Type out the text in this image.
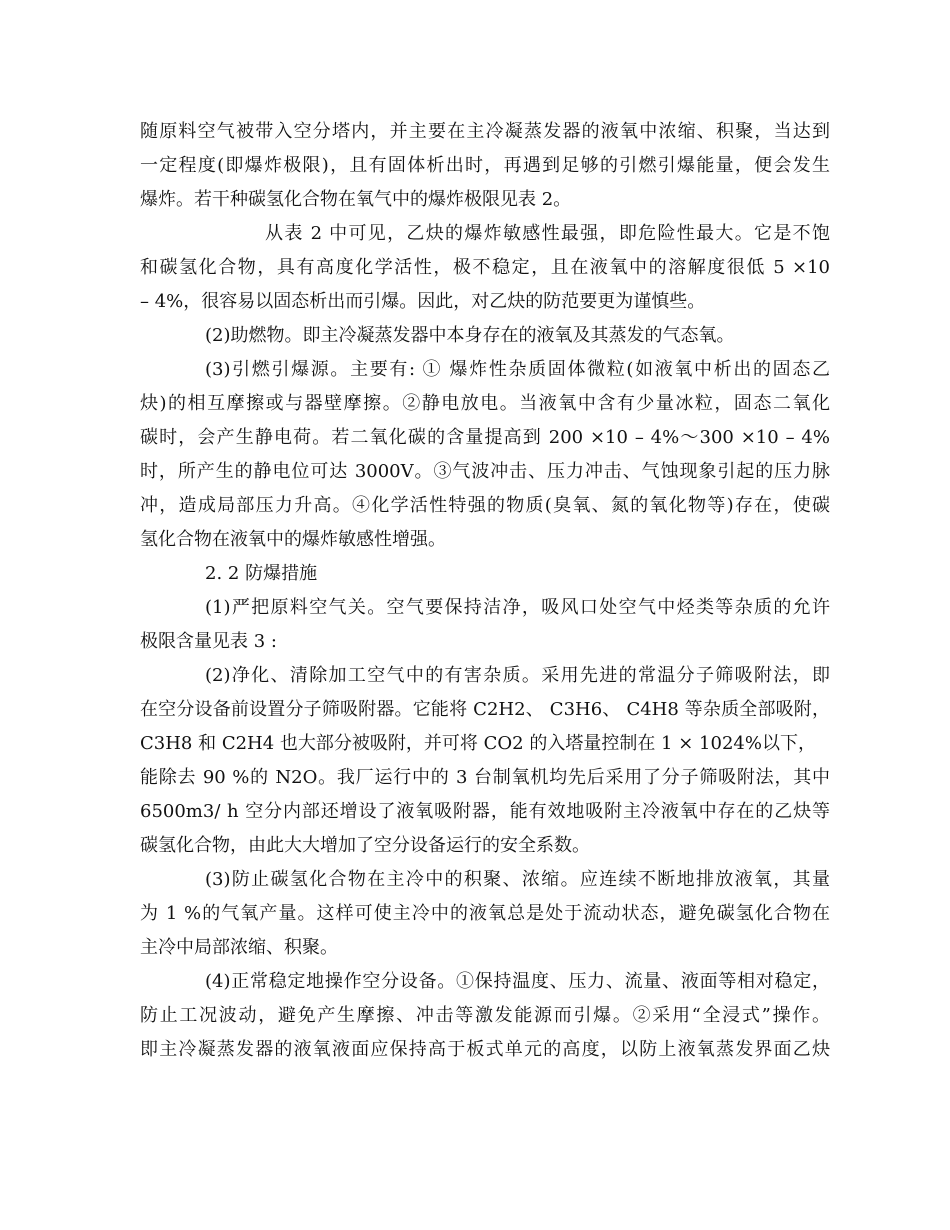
随原料空气被带入空分塔内，并主要在主冷凝蒸发器的液氧中浓缩、积聚，当达到
一定程度(即爆炸极限)，且有固体析出时，再遇到足够的引燃引爆能量，便会发生
爆炸。若干种碳氢化合物在氧气中的爆炸极限见表 2。
从表 2 中可见，乙炔的爆炸敏感性最强，即危险性最大。它是不饱
和碳氢化合物，具有高度化学活性，极不稳定，且在液氧中的溶解度很低 5 ×10
– 4%，很容易以固态析出而引爆。因此，对乙炔的防范要更为谨慎些。
(2)助燃物。即主冷凝蒸发器中本身存在的液氧及其蒸发的气态氧。
(3)引燃引爆源。主要有: ① 爆炸性杂质固体微粒(如液氧中析出的固态乙
炔)的相互摩擦或与器壁摩擦。②静电放电。当液氧中含有少量冰粒，固态二氧化
碳时，会产生静电荷。若二氧化碳的含量提高到 200 ×10 – 4%～300 ×10 – 4%
时，所产生的静电位可达 3000V。③气波冲击、压力冲击、气蚀现象引起的压力脉
冲，造成局部压力升高。④化学活性特强的物质(臭氧、氮的氧化物等)存在，使碳
氢化合物在液氧中的爆炸敏感性增强。
2. 2 防爆措施
(1)严把原料空气关。空气要保持洁净，吸风口处空气中烃类等杂质的允许
极限含量见表 3 :
(2)净化、清除加工空气中的有害杂质。采用先进的常温分子筛吸附法，即
在空分设备前设置分子筛吸附器。它能将 C2H2、 C3H6、 C4H8 等杂质全部吸附，
C3H8 和 C2H4 也大部分被吸附，并可将 CO2 的入塔量控制在 1 × 1024%以下，
能除去 90 %的 N2O。我厂运行中的 3 台制氧机均先后采用了分子筛吸附法，其中
6500m3/ h 空分内部还增设了液氧吸附器，能有效地吸附主冷液氧中存在的乙炔等
碳氢化合物，由此大大增加了空分设备运行的安全系数。
(3)防止碳氢化合物在主冷中的积聚、浓缩。应连续不断地排放液氧，其量
为 1 %的气氧产量。这样可使主冷中的液氧总是处于流动状态，避免碳氢化合物在
主冷中局部浓缩、积聚。
(4)正常稳定地操作空分设备。①保持温度、压力、流量、液面等相对稳定，
防止工况波动，避免产生摩擦、冲击等激发能源而引爆。②采用“全浸式”操作。
即主冷凝蒸发器的液氧液面应保持高于板式单元的高度，以防上液氧蒸发界面乙炔
